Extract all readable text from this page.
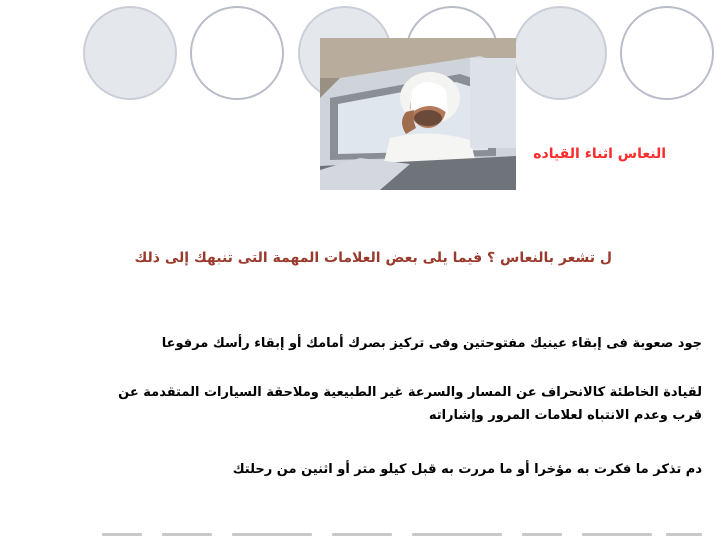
النعاس اثناء القياده
ل تشعر بالنعاس ؟ فيما يلى بعض العلامات المهمة التى تنبهك إلى ذلك
جود صعوبة فى إبقاء عينيك مفتوحتين وفى تركيز بصرك أمامك أو إبقاء رأسك مرفوعا
لقيادة الخاطئة كالانحراف عن المسار والسرعة غير الطبيعية وملاحقة السيارات المتقدمة عن
قرب وعدم الانتباه لعلامات المرور وإشاراته
دم تذكر ما فكرت به مؤخرا أو ما مررت به قبل كيلو متر أو اثنين من رحلتك
